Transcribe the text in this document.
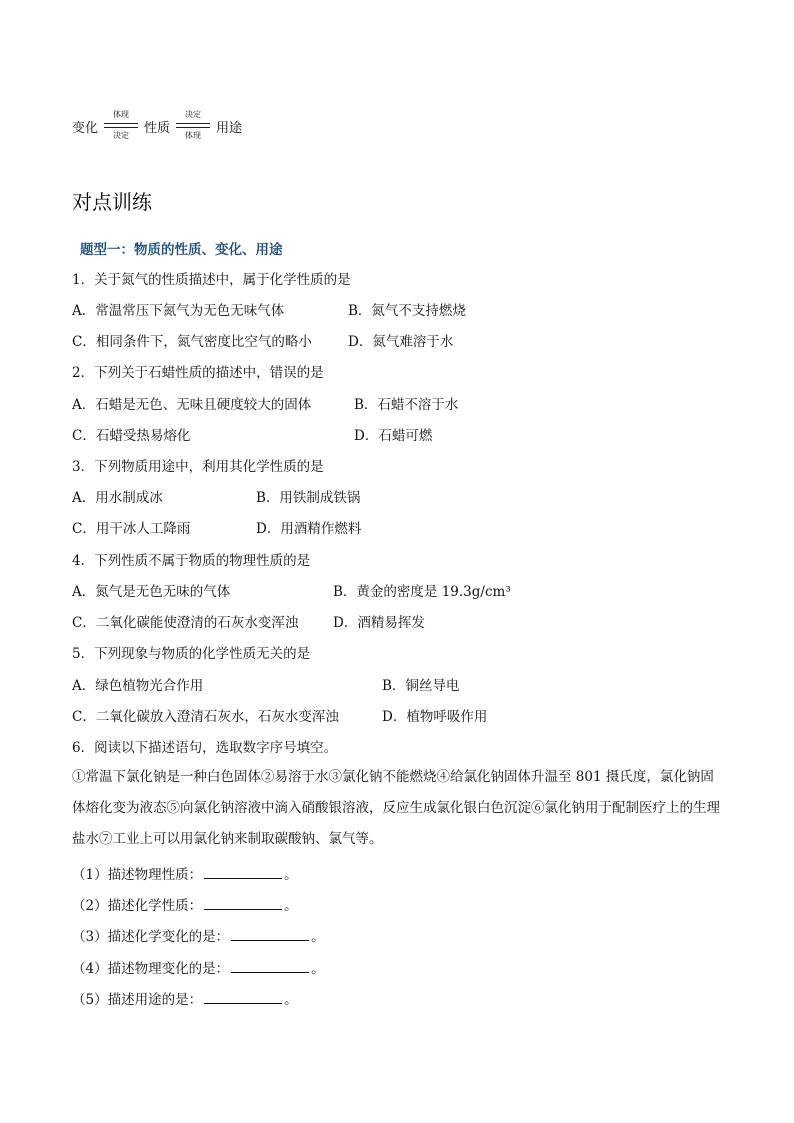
变化
体现
决定	性质
决定
体现	用途
对点训练
题型一：物质的性质、变化、用途
1．关于氮气的性质描述中，属于化学性质的是
A．常温常压下氮气为无色无味气体	B．氮气不支持燃烧
C．相同条件下，氮气密度比空气的略小	D．氮气难溶于水
2．下列关于石蜡性质的描述中，错误的是
A．石蜡是无色、无味且硬度较大的固体	B．石蜡不溶于水
C．石蜡受热易熔化	D．石蜡可燃
3．下列物质用途中，利用其化学性质的是
A．用水制成冰	B．用铁制成铁锅
C．用干冰人工降雨	D．用酒精作燃料
4．下列性质不属于物质的物理性质的是
A．氮气是无色无味的气体	B．黄金的密度是 19.3g/cm³
C．二氧化碳能使澄清的石灰水变浑浊	D．酒精易挥发
5．下列现象与物质的化学性质无关的是
A．绿色植物光合作用	B．铜丝导电
C．二氧化碳放入澄清石灰水，石灰水变浑浊	D．植物呼吸作用
6．阅读以下描述语句，选取数字序号填空。
①常温下氯化钠是一种白色固体②易溶于水③氯化钠不能燃烧④给氯化钠固体升温至 801 摄氏度，氯化钠固体熔化变为液态⑤向氯化钠溶液中滴入硝酸银溶液，反应生成氯化银白色沉淀⑥氯化钠用于配制医疗上的生理盐水⑦工业上可以用氯化钠来制取碳酸钠、氯气等。
（1）描述物理性质：	。
（2）描述化学性质：	。
（3）描述化学变化的是：	。
（4）描述物理变化的是：	。
（5）描述用途的是：	。
